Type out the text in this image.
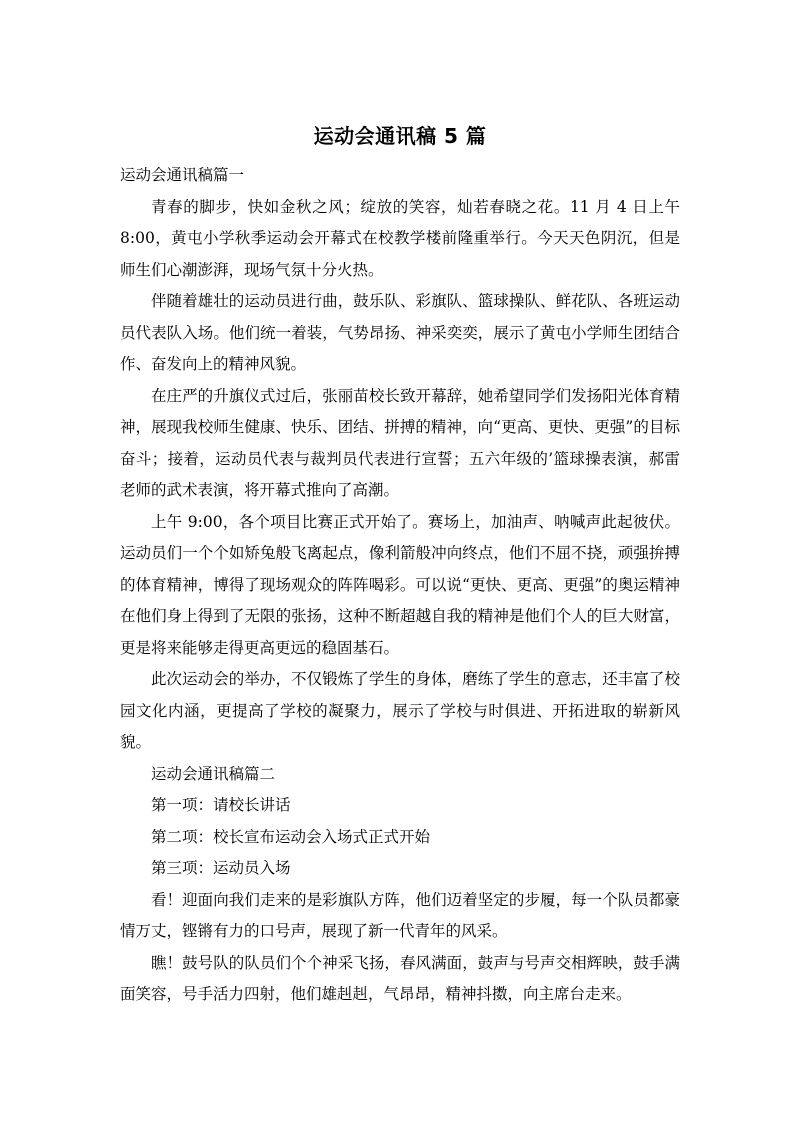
运动会通讯稿 5 篇

运动会通讯稿篇一

青春的脚步，快如金秋之风；绽放的笑容，灿若春晓之花。11 月 4 日上午 8:00，黄屯小学秋季运动会开幕式在校教学楼前隆重举行。今天天色阴沉，但是师生们心潮澎湃，现场气氛十分火热。

伴随着雄壮的运动员进行曲，鼓乐队、彩旗队、篮球操队、鲜花队、各班运动员代表队入场。他们统一着装，气势昂扬、神采奕奕，展示了黄屯小学师生团结合作、奋发向上的精神风貌。

在庄严的升旗仪式过后，张丽苗校长致开幕辞，她希望同学们发扬阳光体育精神，展现我校师生健康、快乐、团结、拼搏的精神，向“更高、更快、更强”的目标奋斗；接着，运动员代表与裁判员代表进行宣誓；五六年级的’篮球操表演，郝雷老师的武术表演，将开幕式推向了高潮。

上午 9:00，各个项目比赛正式开始了。赛场上，加油声、呐喊声此起彼伏。运动员们一个个如矫兔般飞离起点，像利箭般冲向终点，他们不屈不挠，顽强拚搏的体育精神，博得了现场观众的阵阵喝彩。可以说“更快、更高、更强”的奥运精神在他们身上得到了无限的张扬，这种不断超越自我的精神是他们个人的巨大财富，更是将来能够走得更高更远的稳固基石。

此次运动会的举办，不仅锻炼了学生的身体，磨练了学生的意志，还丰富了校园文化内涵，更提高了学校的凝聚力，展示了学校与时俱进、开拓进取的崭新风貌。

运动会通讯稿篇二

第一项：请校长讲话

第二项：校长宣布运动会入场式正式开始

第三项：运动员入场

看！迎面向我们走来的是彩旗队方阵，他们迈着坚定的步履，每一个队员都豪情万丈，铿锵有力的口号声，展现了新一代青年的风采。

瞧！鼓号队的队员们个个神采飞扬，春风满面，鼓声与号声交相辉映，鼓手满面笑容，号手活力四射，他们雄赳赳，气昂昂，精神抖擞，向主席台走来。
